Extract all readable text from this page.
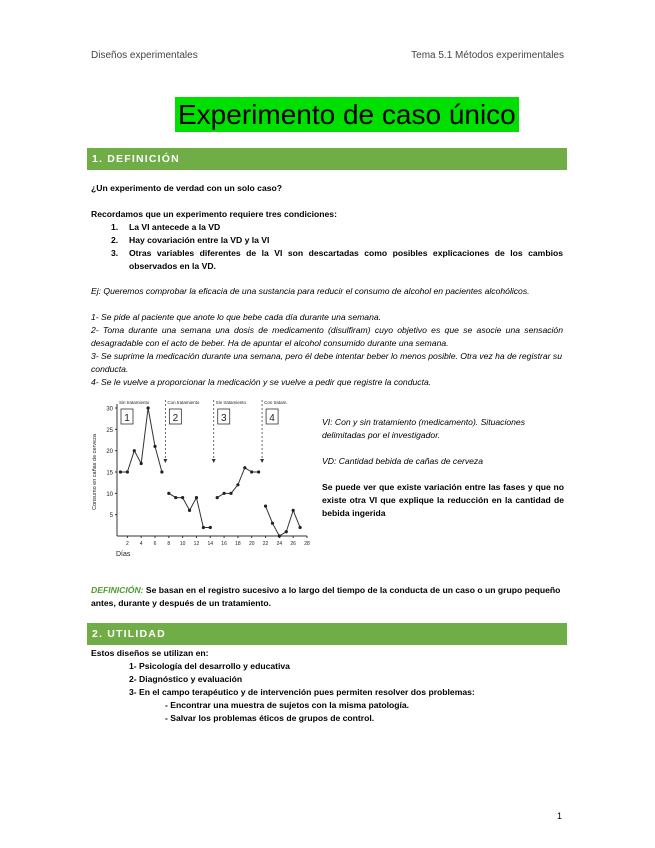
Diseños experimentales	Tema 5.1 Métodos experimentales
Experimento de caso único
1. DEFINICIÓN
¿Un experimento de verdad con un solo caso?
Recordamos que un experimento requiere tres condiciones:
1. La VI antecede a la VD
2. Hay covariación entre la VD y la VI
3.	Otras variables diferentes de la VI son descartadas como posibles explicaciones de los cambios observados en la VD.
Ej: Queremos comprobar la eficacia de una sustancia para reducir el consumo de alcohol en pacientes alcohólicos.
1- Se pide al paciente que anote lo que bebe cada día durante una semana.
2- Toma durante una semana una dosis de medicamento (disulfiram) cuyo objetivo es que se asocie una sensación desagradable con el acto de beber. Ha de apuntar el alcohol consumido durante una semana.
3- Se suprime la medicación durante una semana, pero él debe intentar beber lo menos posible. Otra vez ha de registrar su conducta.
4- Se le vuelve a proporcionar la medicación y se vuelve a pedir que registre la conducta.
30
25
20
15
10
5
2 4 6 8 10 12 14 16 18 20 22 24 26 28
Días
Consumo en cañas de cerveza
Sin tratamiento	Con tratamiento	Sin tratamiento	Con tratam.
1	2	3	4	VI: Con y sin tratamiento (medicamento). Situaciones delimitadas por el investigador.
VD: Cantidad bebida de cañas de cerveza
Se puede ver que existe variación entre las fases y que no existe otra VI que explique la reducción en la cantidad de bebida ingerida
DEFINICIÓN: Se basan en el registro sucesivo a lo largo del tiempo de la conducta de un caso o un grupo pequeño antes, durante y después de un tratamiento.
2. UTILIDAD
Estos diseños se utilizan en:
1- Psicología del desarrollo y educativa
2- Diagnóstico y evaluación
3- En el campo terapéutico y de intervención pues permiten resolver dos problemas:
- Encontrar una muestra de sujetos con la misma patología.
- Salvar los problemas éticos de grupos de control.
1
